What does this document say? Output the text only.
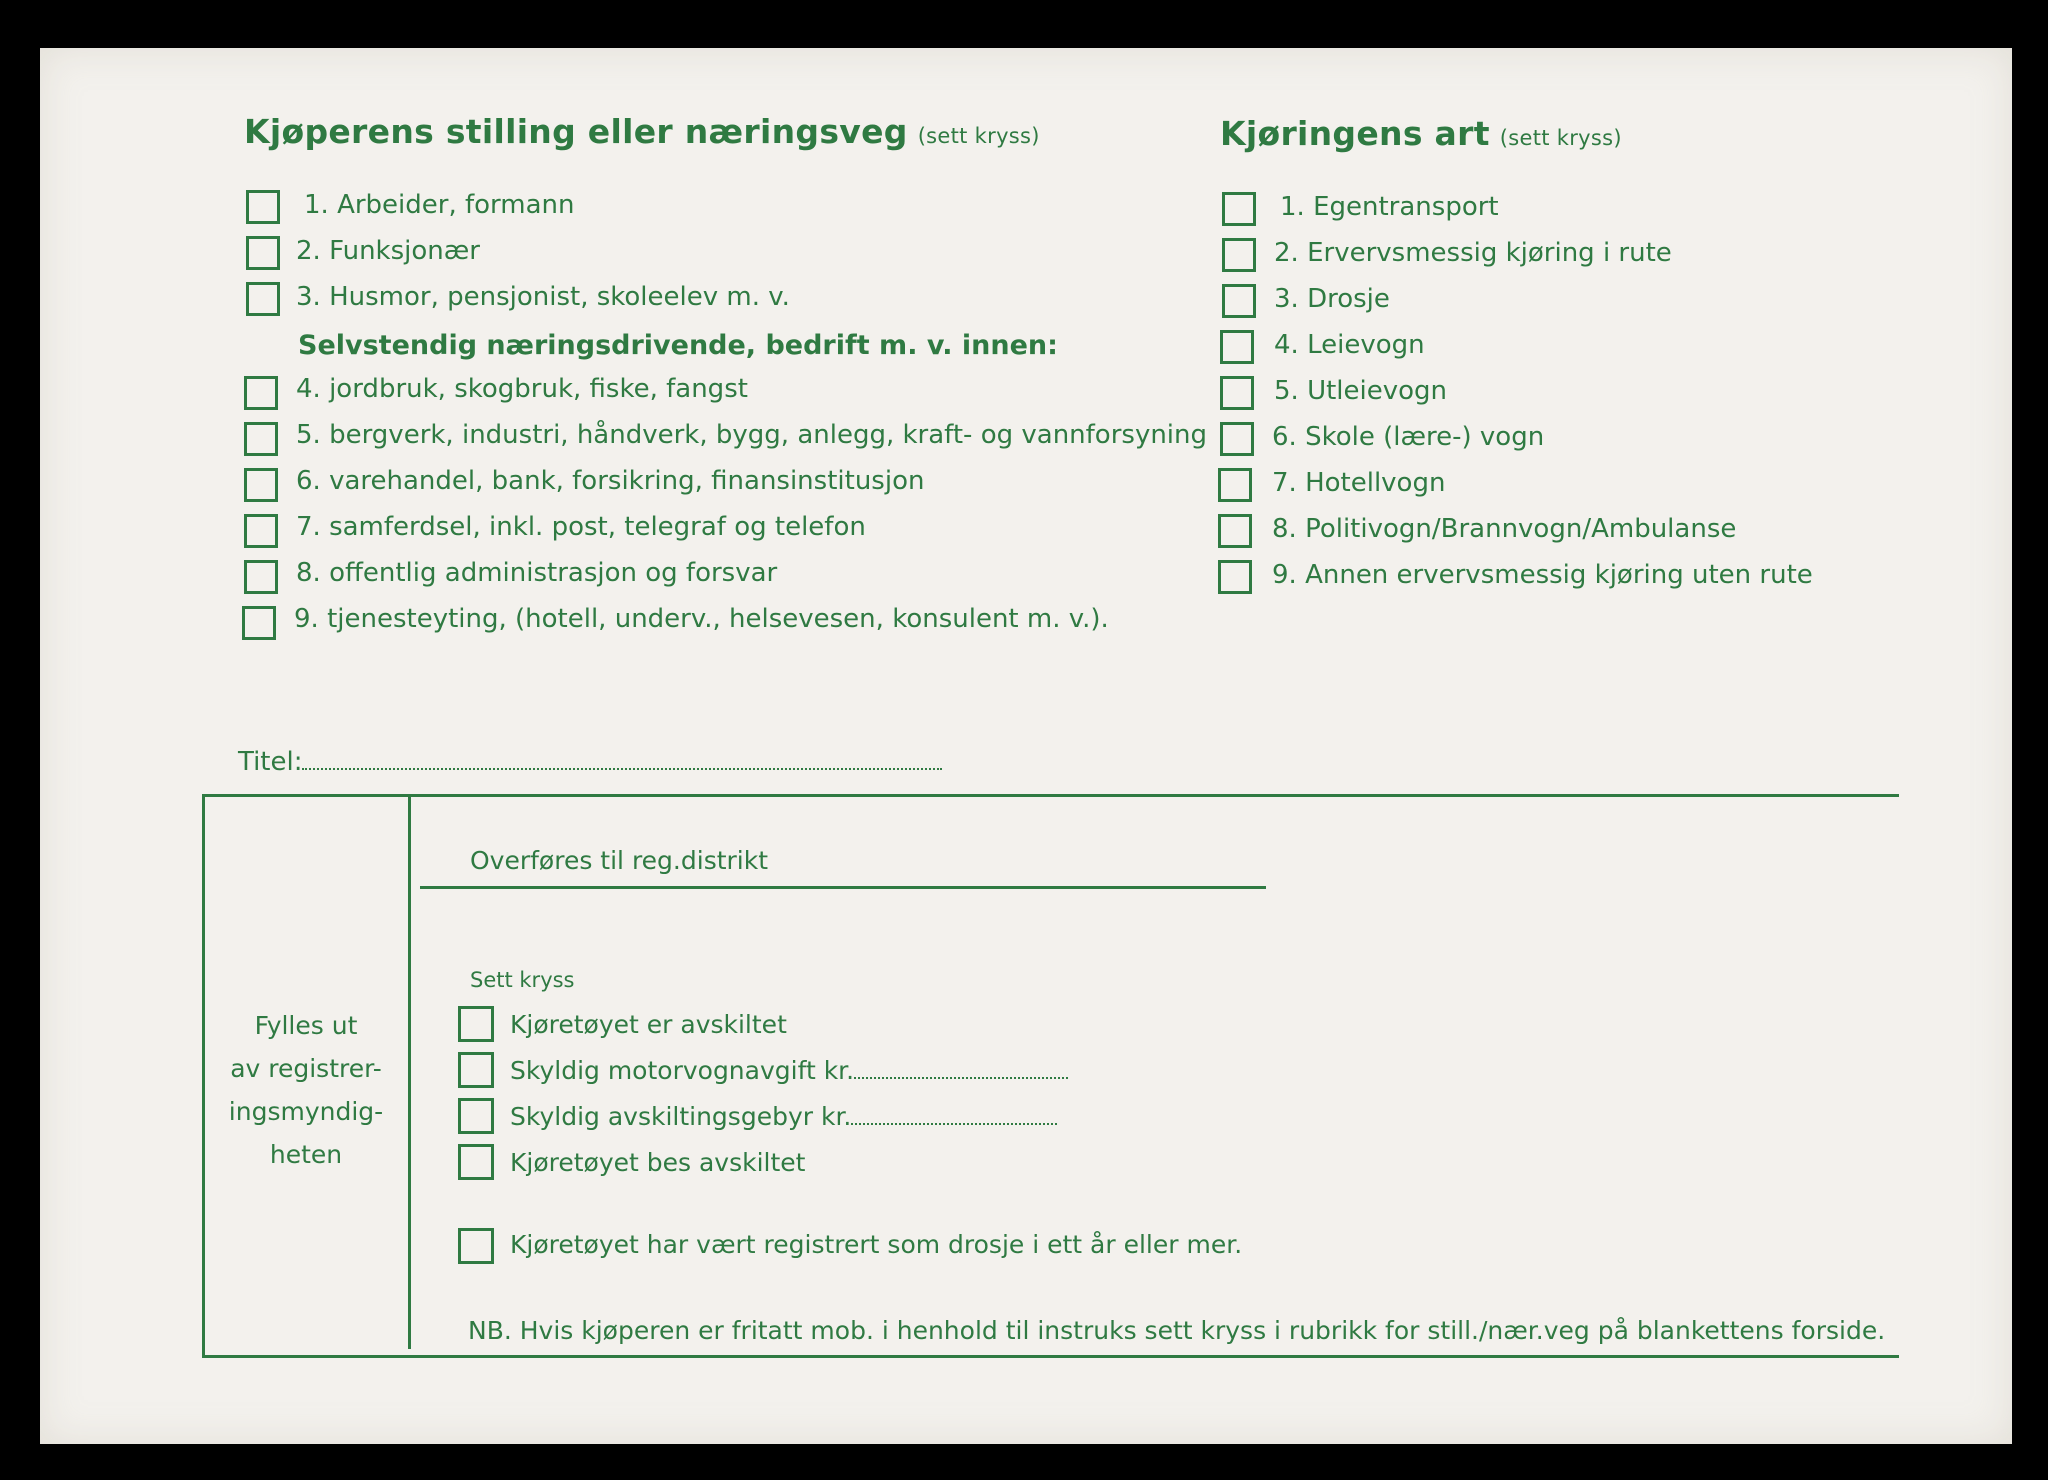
Kjøperens stilling eller næringsveg (sett kryss)
1. Arbeider, formann
2. Funksjonær
3. Husmor, pensjonist, skoleelev m. v.
Selvstendig næringsdrivende, bedrift m. v. innen:
4. jordbruk, skogbruk, fiske, fangst
5. bergverk, industri, håndverk, bygg, anlegg, kraft- og vannforsyning
6. varehandel, bank, forsikring, finansinstitusjon
7. samferdsel, inkl. post, telegraf og telefon
8. offentlig administrasjon og forsvar
9. tjenesteyting, (hotell, underv., helsevesen, konsulent m. v.).
Titel:
Kjøringens art (sett kryss)
1. Egentransport
2. Ervervsmessig kjøring i rute
3. Drosje
4. Leievogn
5. Utleievogn
6. Skole (lære-) vogn
7. Hotellvogn
8. Politivogn/Brannvogn/Ambulanse
9. Annen ervervsmessig kjøring uten rute
Fylles ut
av registrer-
ingsmyndig-
heten
Overføres til reg.distrikt
Sett kryss
Kjøretøyet er avskiltet
Skyldig motorvognavgift kr.
Skyldig avskiltingsgebyr kr.
Kjøretøyet bes avskiltet
Kjøretøyet har vært registrert som drosje i ett år eller mer.
NB. Hvis kjøperen er fritatt mob. i henhold til instruks sett kryss i rubrikk for still./nær.veg på blankettens forside.
